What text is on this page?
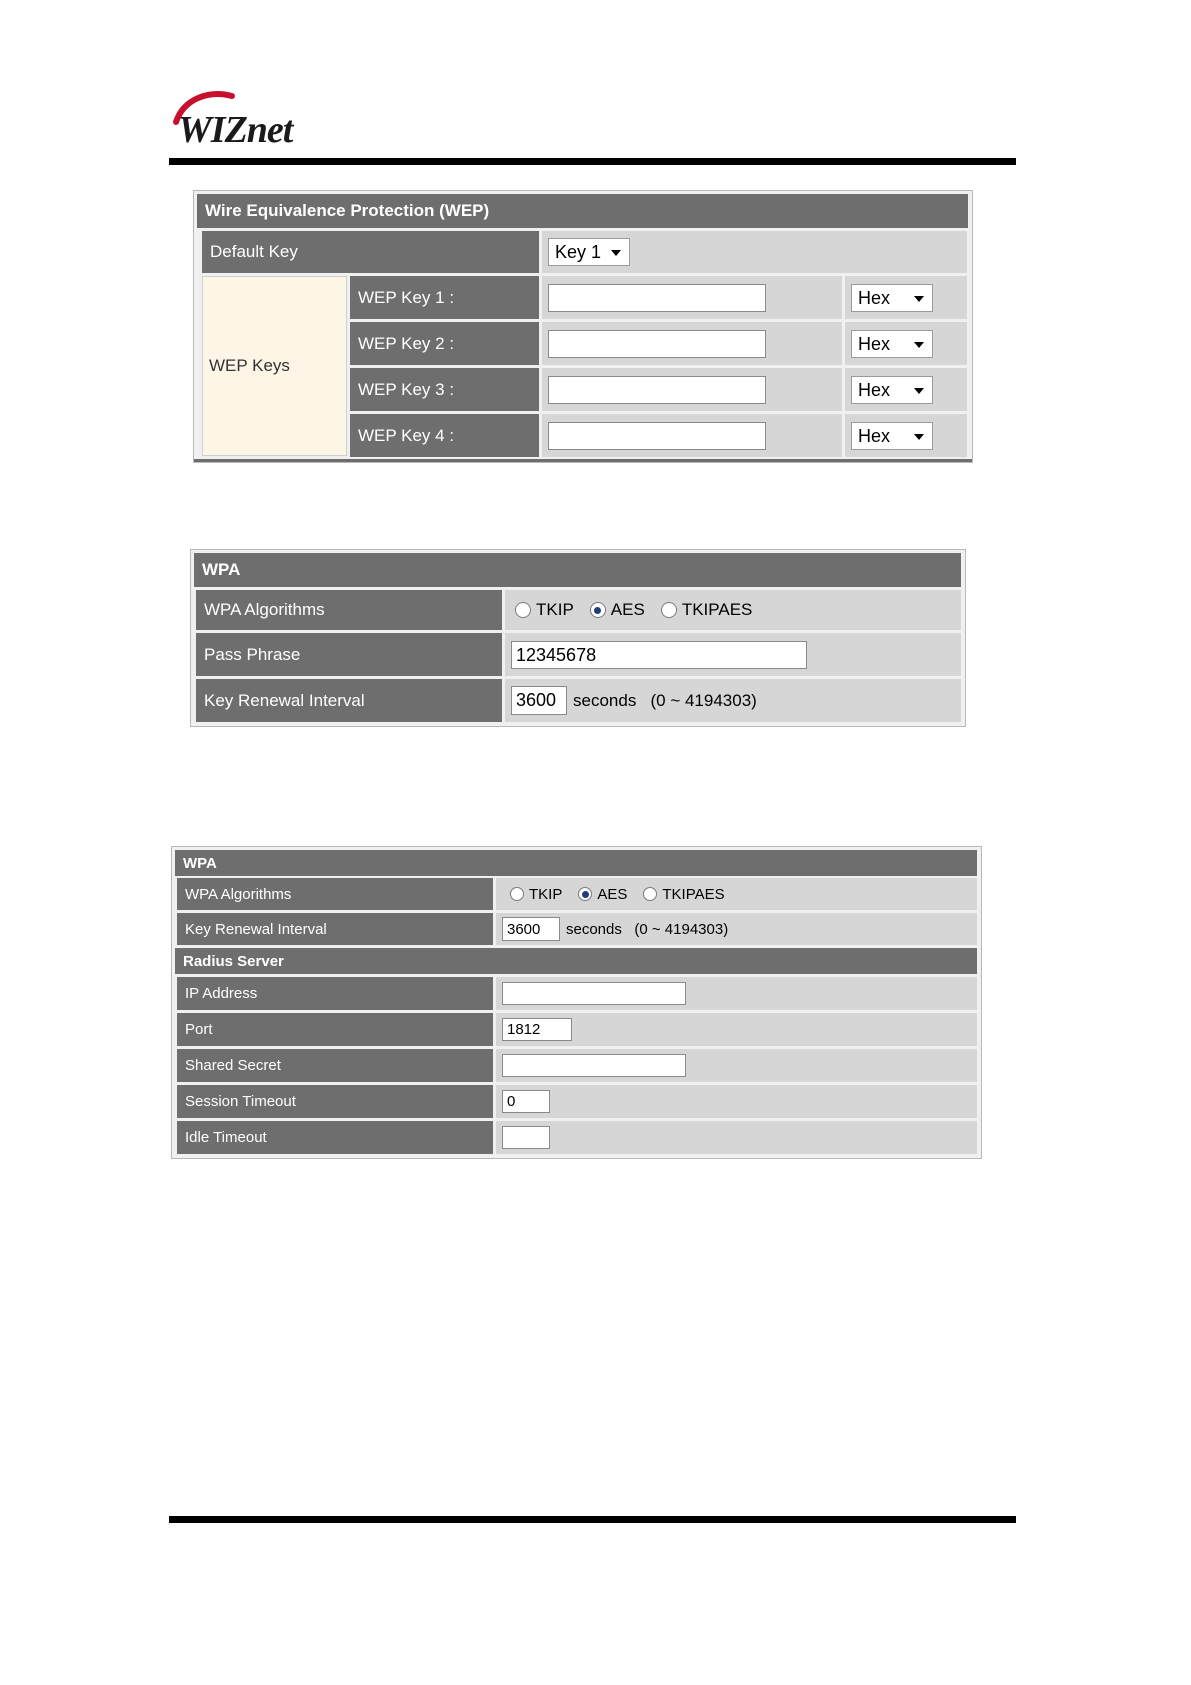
WIZnet
Wire Equivalence Protection (WEP)
Default Key	Key 1
WEP Keys
WEP Key 1 :	Hex
WEP Key 2 :	Hex
WEP Key 3 :	Hex
WEP Key 4 :	Hex
WPA
WPA Algorithms	TKIP AES TKIPAES
Pass Phrase	12345678
Key Renewal Interval	3600 seconds   (0 ~ 4194303)
WPA
WPA Algorithms	TKIP AES TKIPAES
Key Renewal Interval	3600	seconds   (0 ~ 4194303)
Radius Server
IP Address
Port	1812
Shared Secret
Session Timeout	0
Idle Timeout
